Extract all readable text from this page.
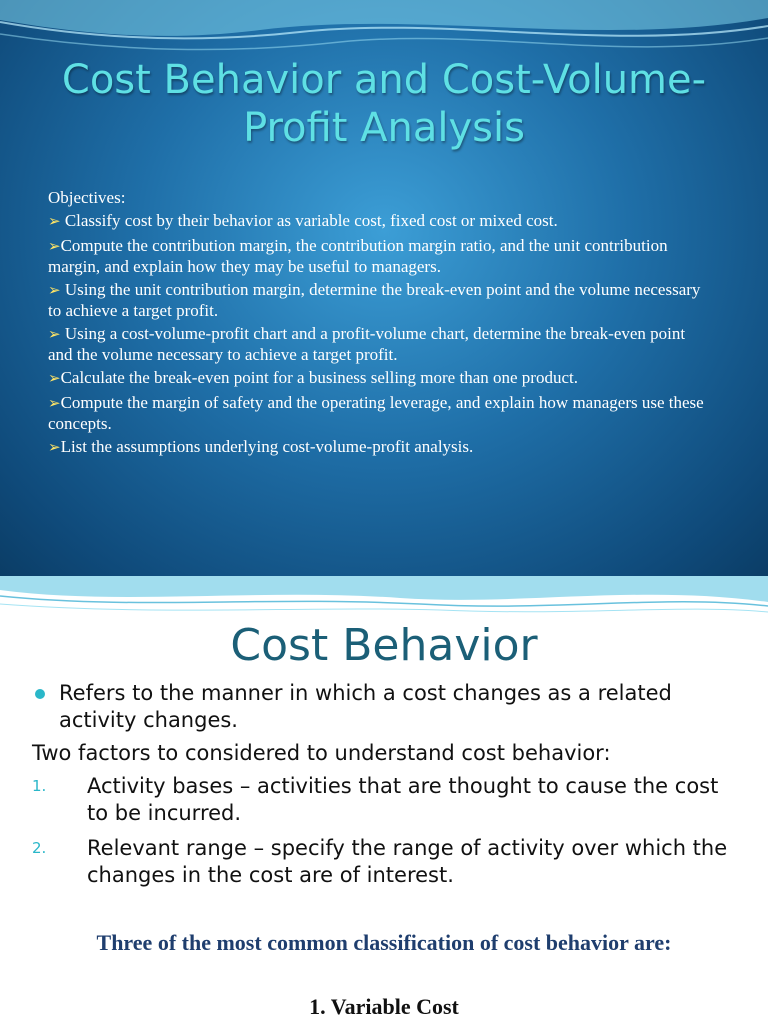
Cost Behavior and Cost-Volume-Profit Analysis
Objectives:
➢ Classify cost by their behavior as variable cost, fixed cost or mixed cost.
➢Compute the contribution margin, the contribution margin ratio, and the unit contribution margin, and explain how they may be useful to managers.
➢ Using the unit contribution margin, determine the break-even point and the volume necessary to achieve a target profit.
➢ Using a cost-volume-profit chart and a profit-volume chart, determine the break-even point and the volume necessary to achieve a target profit.
➢Calculate the break-even point for a business selling more than one product.
➢Compute the margin of safety and the operating leverage, and explain how managers use these concepts.
➢List the assumptions underlying cost-volume-profit analysis.
Cost Behavior
Refers to the manner in which a cost changes as a related activity changes.
Two factors to considered to understand cost behavior:
1.	Activity bases – activities that are thought to cause the cost to be incurred.
2.	Relevant range – specify the range of activity over which the changes in the cost are of interest.
Three of the most common classification of cost behavior are:
1. Variable Cost
